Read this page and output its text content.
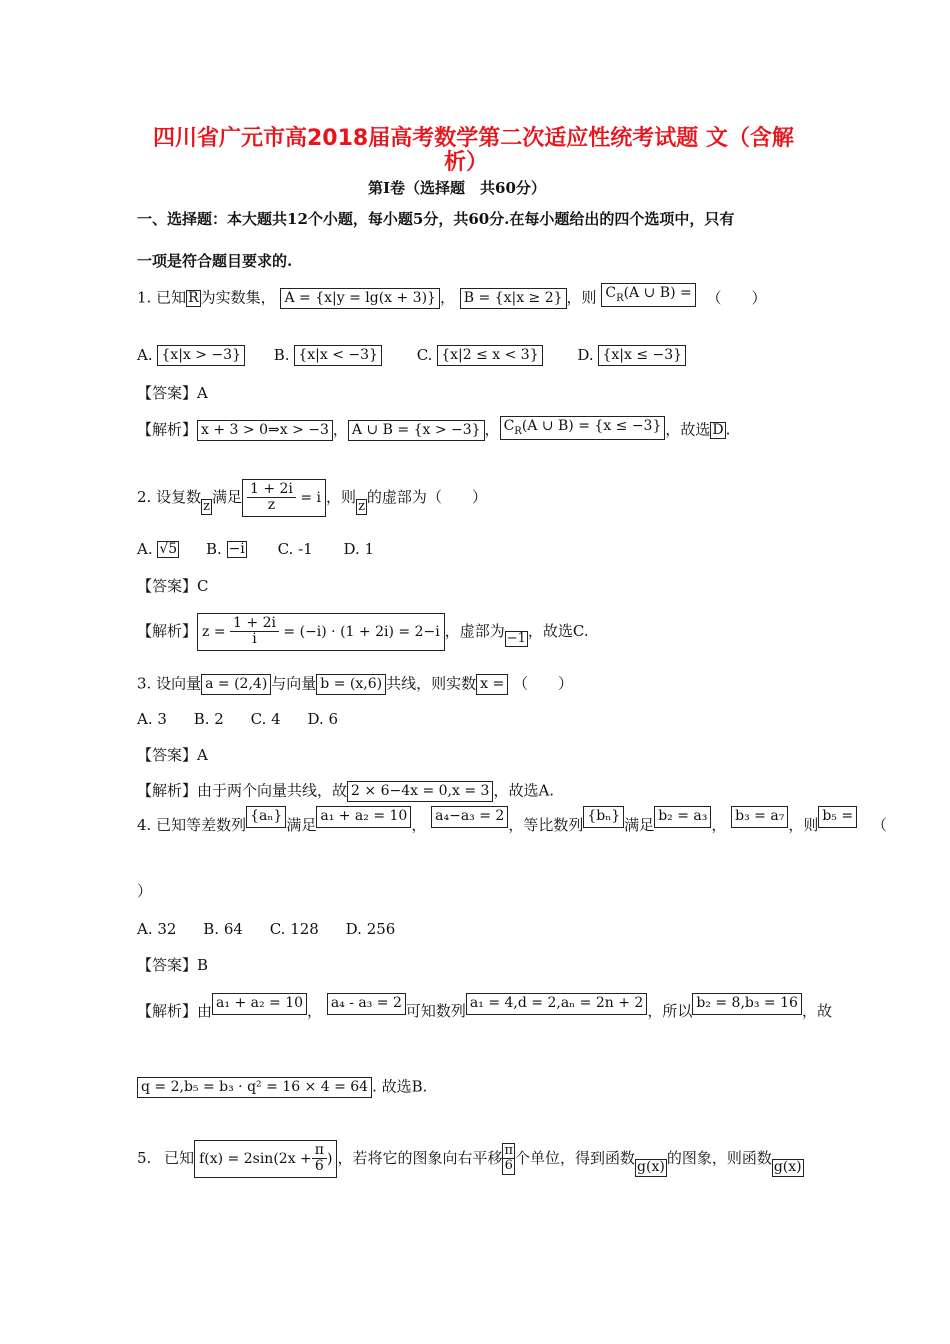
四川省广元市高2018届高考数学第二次适应性统考试题 文（含解
析）
第Ⅰ卷（选择题　共60分）
一、选择题：本大题共12个小题，每小题5分，共60分.在每小题给出的四个选项中，只有
一项是符合题目要求的.
1. 已知 R 为实数集， A = {x|y = lg(x + 3)} ， B = {x|x ≥ 2} ，则 $C_R(A$ ∪ B) = （　　）
A. {x|x > −3} B. {x|x < −3}	C. {x|2 ≤ x < 3}	D. {x|x ≤ −3}
【答案】A
【解析】 x + 3 > 0⇒x > −3 ， A ∪ B = {x > −3} ， $C_R(A$ ∪ B) = {x ≤ −3} ，故选 D .
2. 设复数z满足 $\frac{1 + 2i}{z} = i$ ，则z的虚部为（　　）
A. √5 B. −i C. -1 D. 1
【答案】C
【解析】 $z = \frac{1 + 2i}{i} = (-i) \cdot (1 + 2i) = 2-i$ ，虚部为 −1 ，故选C.
3. 设向量 a = (2,4) 与向量 b = (x,6) 共线，则实数 x = （　　）
A. 3 B. 2 C. 4 D. 6
【答案】A
【解析】由于两个向量共线，故 2 × 6−4x = 0,x = 3 ，故选A.
4. 已知等差数列 {aₙ} 满足 a₁ + a₂ = 10 ， a₄−a₃ = 2 ，等比数列 {bₙ} 满足 b₂ = a₃ ， b₃ = a₇ ，则 b₅ = （
）
A. 32 B. 64 C. 128 D. 256
【答案】B
【解析】由 a₁ + a₂ = 10 ， a₄ - a₃ = 2 可知数列 a₁ = 4,d = 2,aₙ = 2n + 2 ，所以 b₂ = 8,b₃ = 16 ，故
q = 2,b₅ = b₃ · q² = 16 × 4 = 64 . 故选B.
5. 已知 $f(x) = 2\sin(2x + \frac{\pi}{6}$ ) ，若将它的图象向右平移 $\frac{\pi}{6}$ 个单位，得到函数g(x)的图象，则函数g(x)
